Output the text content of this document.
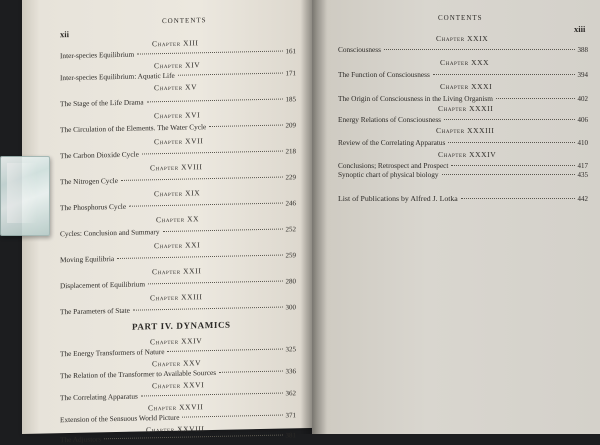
xii
CONTENTS
Chapter XIII
Inter-species Equilibrium	161
Chapter XIV
Inter-species Equilibrium: Aquatic Life	171
Chapter XV
The Stage of the Life Drama	185
Chapter XVI
The Circulation of the Elements. The Water Cycle	209
Chapter XVII
The Carbon Dioxide Cycle	218
Chapter XVIII
The Nitrogen Cycle	229
Chapter XIX
The Phosphorus Cycle	246
Chapter XX
Cycles: Conclusion and Summary	252
Chapter XXI
Moving Equilibria	259
Chapter XXII
Displacement of Equilibrium	280
Chapter XXIII
The Parameters of State	300
PART IV. DYNAMICS
Chapter XXIV
The Energy Transformers of Nature	325
Chapter XXV
The Relation of the Transformer to Available Sources	336
Chapter XXVI
The Correlating Apparatus	362
Chapter XXVII
Extension of the Sensuous World Picture	371
Chapter XXVIII
The Adjustors	381
CONTENTS
xiii
Chapter XXIX
Consciousness	388
Chapter XXX
The Function of Consciousness	394
Chapter XXXI
The Origin of Consciousness in the Living Organism	402
Chapter XXXII
Energy Relations of Consciousness	406
Chapter XXXIII
Review of the Correlating Apparatus	410
Chapter XXXIV
Conclusions; Retrospect and Prospect	417
Synoptic chart of physical biology	435
List of Publications by Alfred J. Lotka	442
